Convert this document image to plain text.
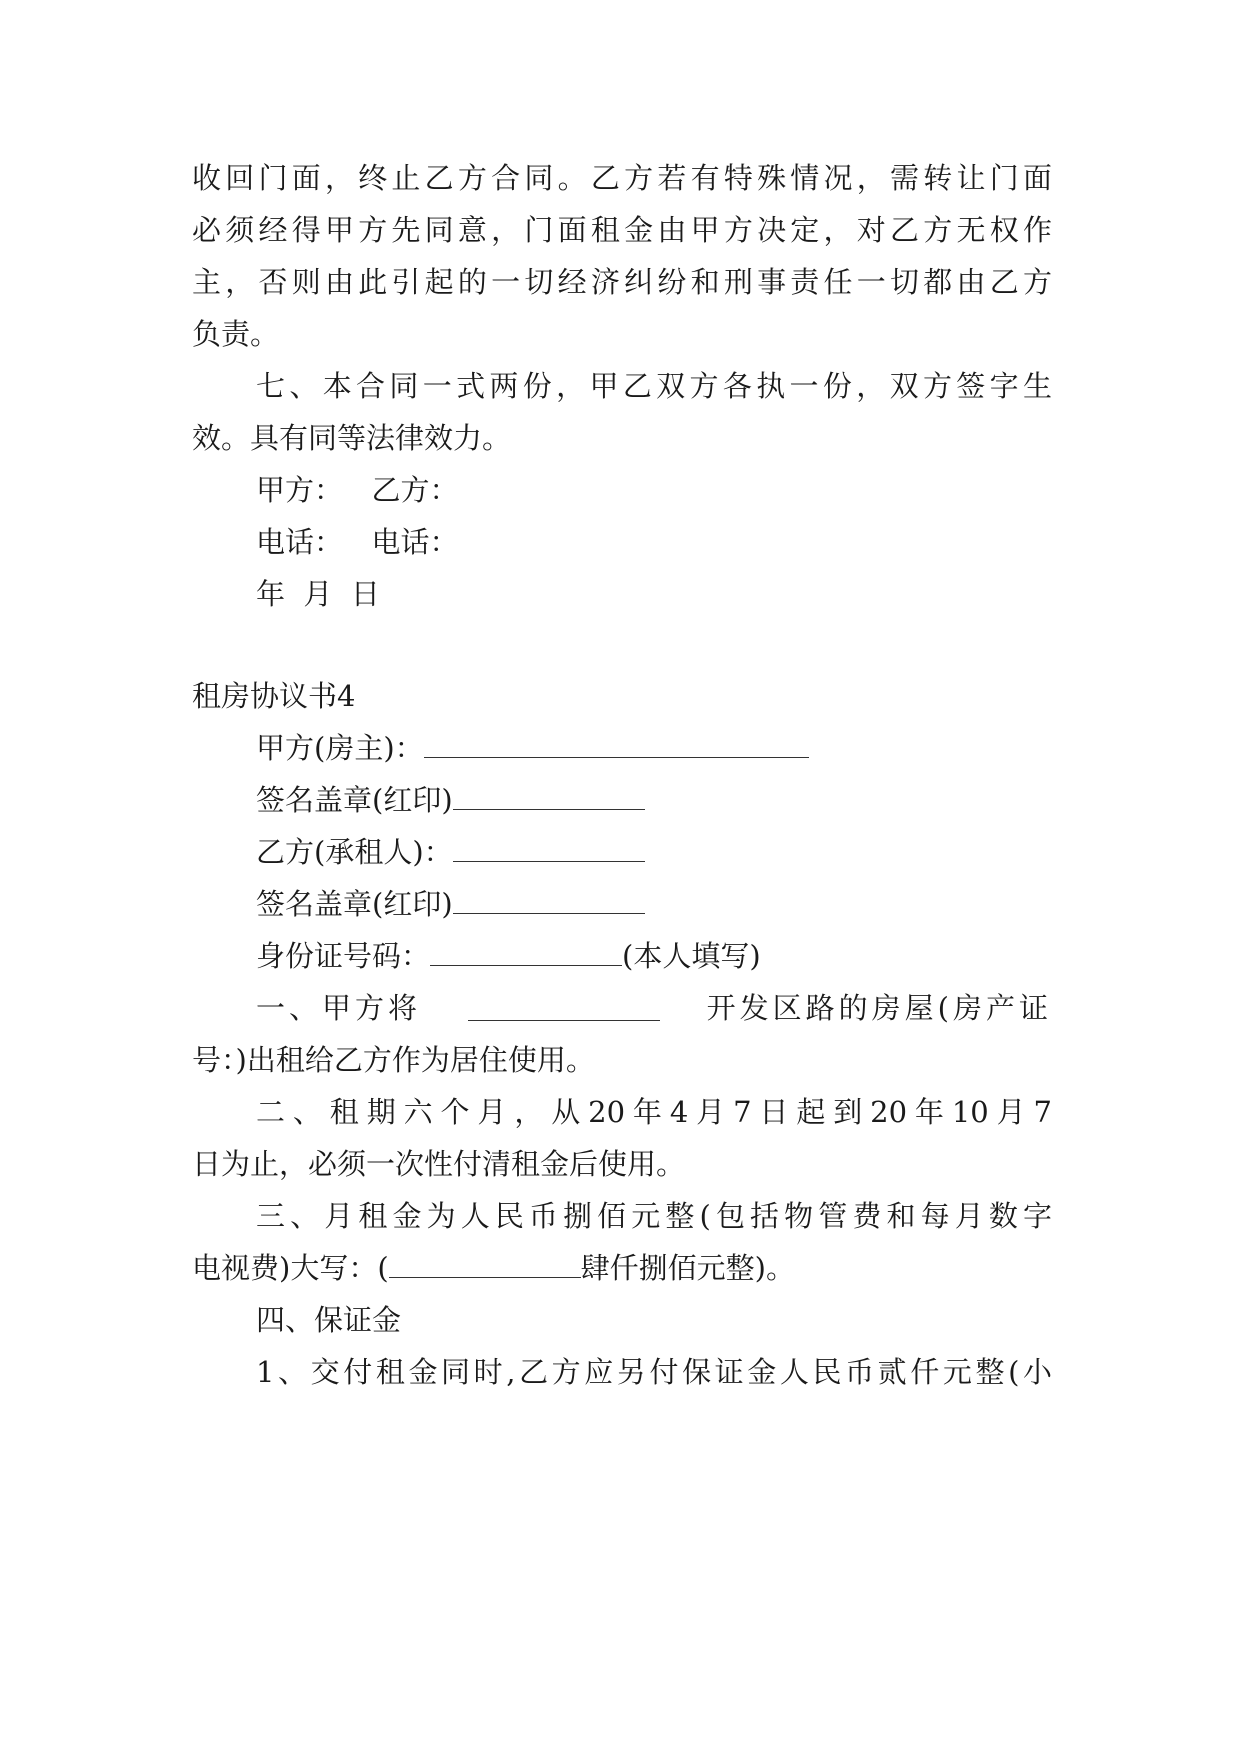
收回门面，终止乙方合同。乙方若有特殊情况，需转让门面
必须经得甲方先同意，门面租金由甲方决定，对乙方无权作
主，否则由此引起的一切经济纠纷和刑事责任一切都由乙方
负责。
七、本合同一式两份，甲乙双方各执一份，双方签字生
效。具有同等法律效力。
甲方： 乙方：
电话： 电话：
年  月  日
租房协议书4
甲方(房主)：
签名盖章(红印)
乙方(承租人)：
签名盖章(红印)
身份证号码：	(本人填写)
一、甲方将	开发区路的房屋(房产证
号：)出租给乙方作为居住使用。
二、租期六个月，从20年4月7日起到20年10月7
日为止，必须一次性付清租金后使用。
三、月租金为人民币捌佰元整(包括物管费和每月数字
电视费)大写：(	肆仟捌佰元整)。
四、保证金
1、交付租金同时,乙方应另付保证金人民币贰仟元整(小
